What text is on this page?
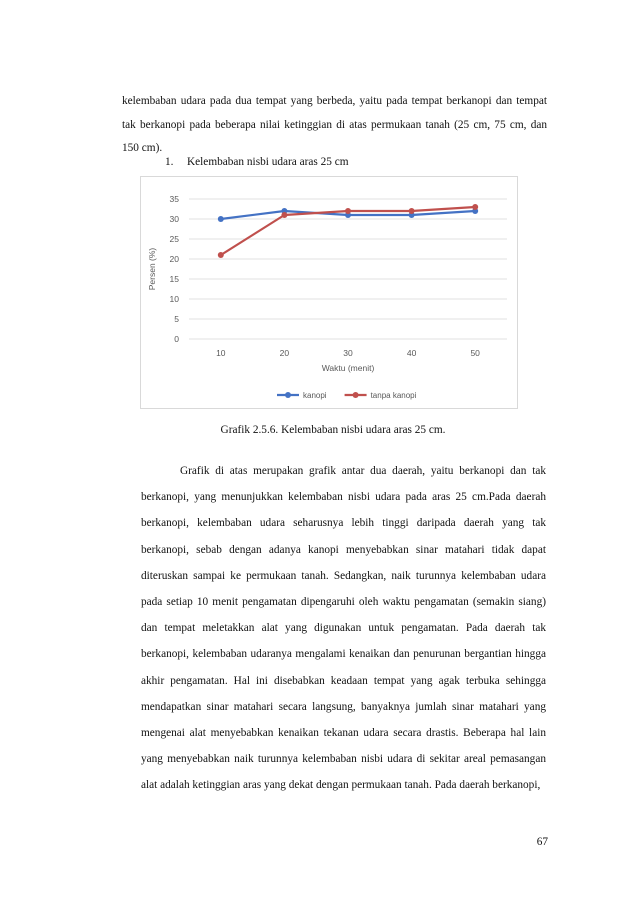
kelembaban udara pada dua tempat yang berbeda, yaitu pada tempat berkanopi dan tempat tak berkanopi pada beberapa nilai ketinggian di atas permukaan tanah (25 cm, 75 cm, dan 150 cm).

1. Kelembaban nisbi udara aras 25 cm

0
5
10
15
20
25
30
35
10	20	30	40	50
Persen (%)
Waktu (menit)
kanopi	tanpa kanopi

Grafik 2.5.6. Kelembaban nisbi udara aras 25 cm.

Grafik di atas merupakan grafik antar dua daerah, yaitu berkanopi dan tak berkanopi, yang menunjukkan kelembaban nisbi udara pada aras 25 cm.Pada daerah berkanopi, kelembaban udara seharusnya lebih tinggi daripada daerah yang tak berkanopi, sebab dengan adanya kanopi menyebabkan sinar matahari tidak dapat diteruskan sampai ke permukaan tanah. Sedangkan, naik turunnya kelembaban udara pada setiap 10 menit pengamatan dipengaruhi oleh waktu pengamatan (semakin siang) dan tempat meletakkan alat yang digunakan untuk pengamatan. Pada daerah tak berkanopi, kelembaban udaranya mengalami kenaikan dan penurunan bergantian hingga akhir pengamatan. Hal ini disebabkan keadaan tempat yang agak terbuka sehingga mendapatkan sinar matahari secara langsung, banyaknya jumlah sinar matahari yang mengenai alat menyebabkan kenaikan tekanan udara secara drastis. Beberapa hal lain yang menyebabkan naik turunnya kelembaban nisbi udara di sekitar areal pemasangan alat adalah ketinggian aras yang dekat dengan permukaan tanah. Pada daerah berkanopi,

67
